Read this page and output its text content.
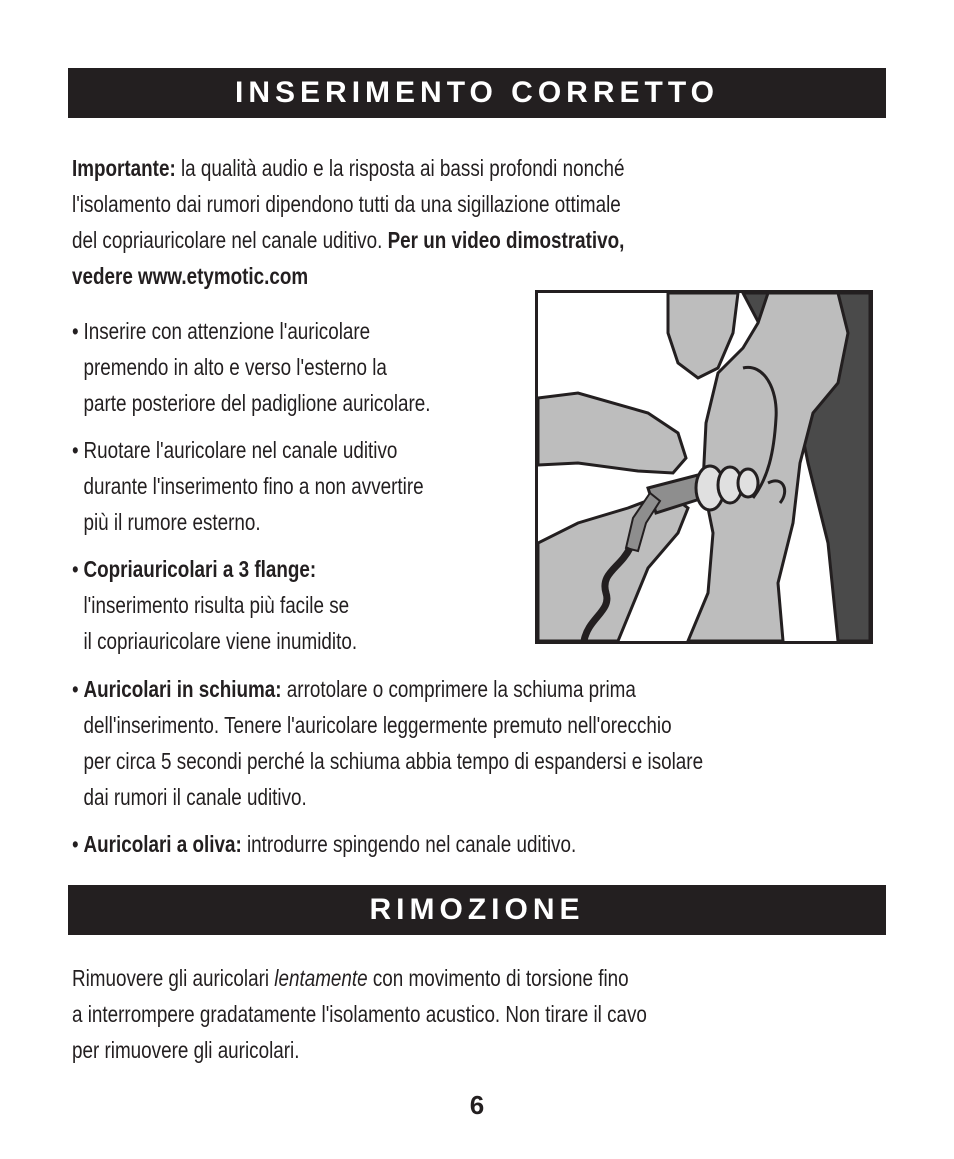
INSERIMENTO CORRETTO
Importante: la qualità audio e la risposta ai bassi profondi nonché
l'isolamento dai rumori dipendono tutti da una sigillazione ottimale
del copriauricolare nel canale uditivo. Per un video dimostrativo,
vedere www.etymotic.com
• Inserire con attenzione l'auricolare
premendo in alto e verso l'esterno la
parte posteriore del padiglione auricolare.
• Ruotare l'auricolare nel canale uditivo
durante l'inserimento fino a non avvertire
più il rumore esterno.
• Copriauricolari a 3 flange:
l'inserimento risulta più facile se
il copriauricolare viene inumidito.
• Auricolari in schiuma: arrotolare o comprimere la schiuma prima
dell'inserimento. Tenere l'auricolare leggermente premuto nell'orecchio
per circa 5 secondi perché la schiuma abbia tempo di espandersi e isolare
dai rumori il canale uditivo.
• Auricolari a oliva: introdurre spingendo nel canale uditivo.
RIMOZIONE
Rimuovere gli auricolari lentamente con movimento di torsione fino
a interrompere gradatamente l'isolamento acustico. Non tirare il cavo
per rimuovere gli auricolari.
6
